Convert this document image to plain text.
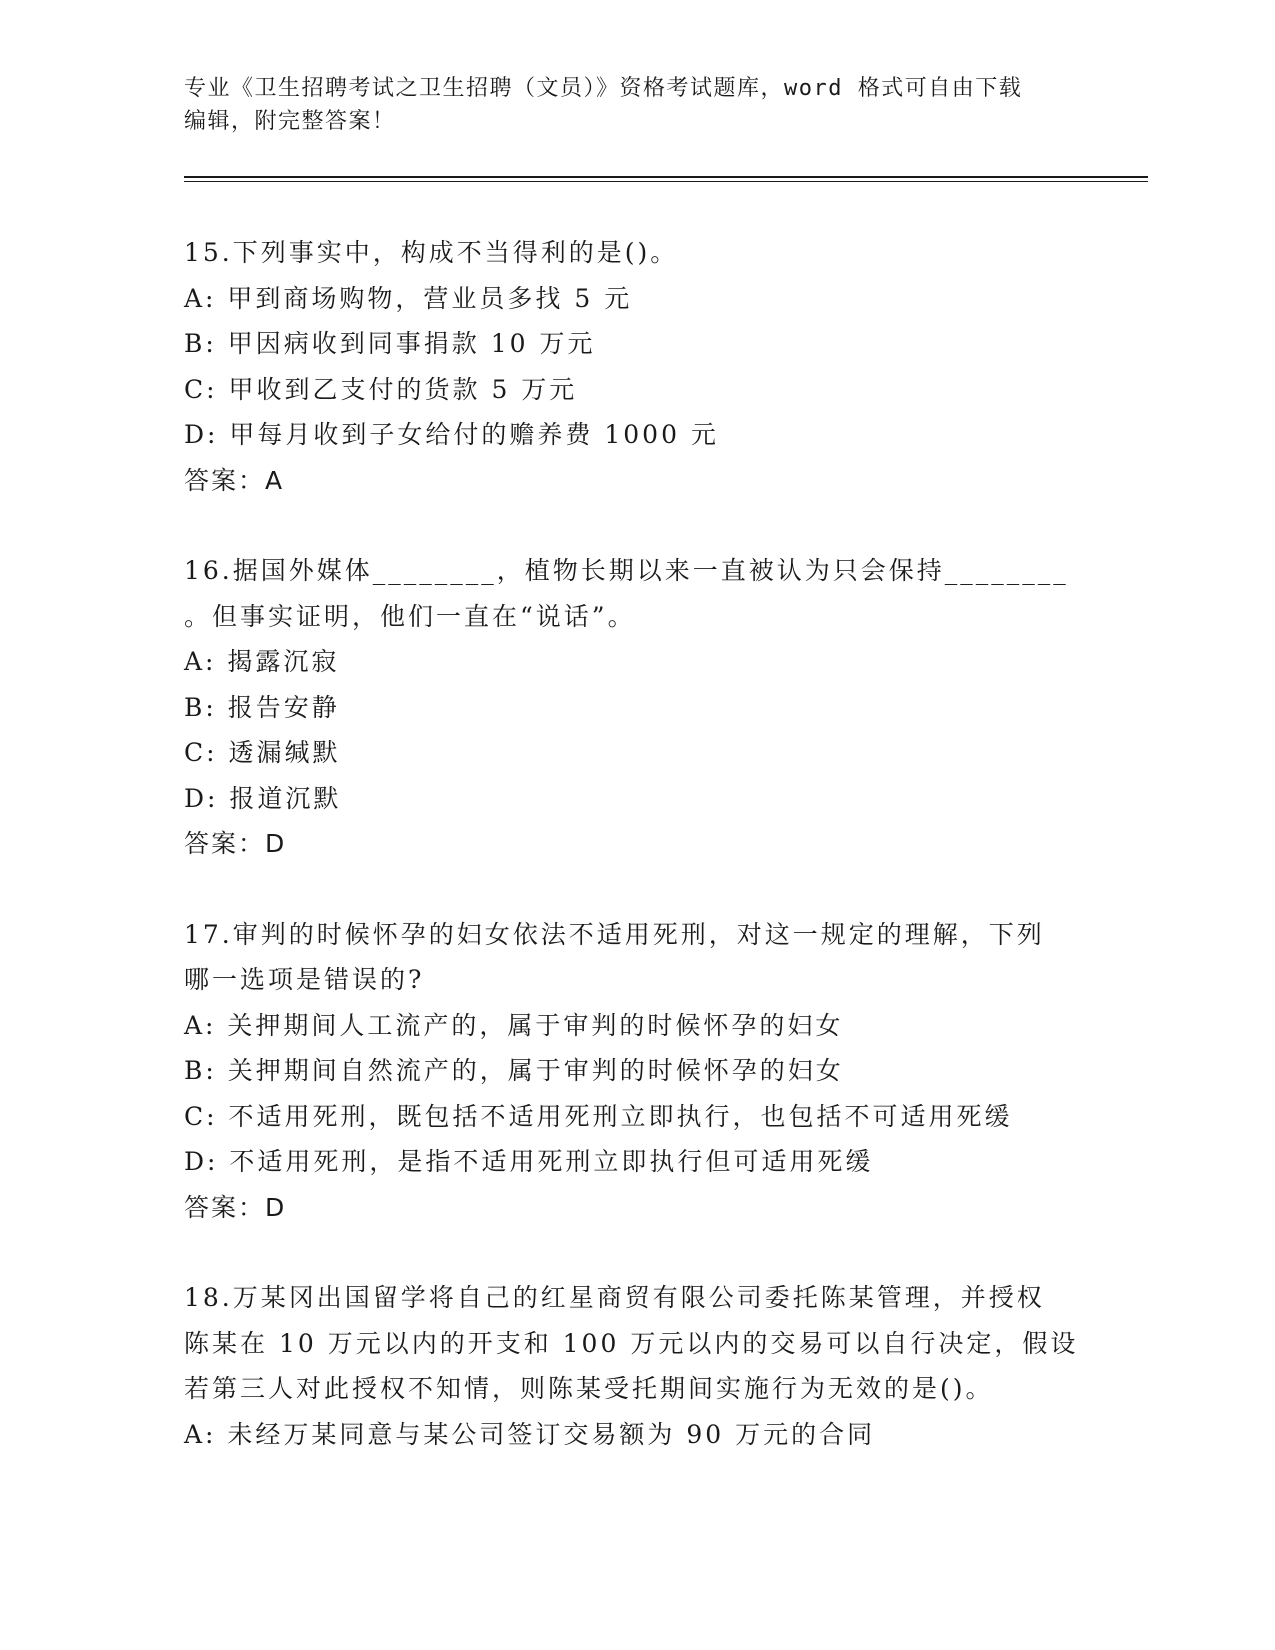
专业《卫生招聘考试之卫生招聘（文员）》资格考试题库，word 格式可自由下载
编辑，附完整答案！
15.下列事实中，构成不当得利的是()。
A: 甲到商场购物，营业员多找 5 元
B: 甲因病收到同事捐款 10 万元
C: 甲收到乙支付的货款 5 万元
D: 甲每月收到子女给付的赡养费 1000 元
答案：A
16.据国外媒体________，植物长期以来一直被认为只会保持________
。但事实证明，他们一直在“说话”。
A: 揭露沉寂
B: 报告安静
C: 透漏缄默
D: 报道沉默
答案：D
17.审判的时候怀孕的妇女依法不适用死刑，对这一规定的理解，下列
哪一选项是错误的?
A: 关押期间人工流产的，属于审判的时候怀孕的妇女
B: 关押期间自然流产的，属于审判的时候怀孕的妇女
C: 不适用死刑，既包括不适用死刑立即执行，也包括不可适用死缓
D: 不适用死刑，是指不适用死刑立即执行但可适用死缓
答案：D
18.万某冈出国留学将自己的红星商贸有限公司委托陈某管理，并授权
陈某在 10 万元以内的开支和 100 万元以内的交易可以自行决定，假设
若第三人对此授权不知情，则陈某受托期间实施行为无效的是()。
A: 未经万某同意与某公司签订交易额为 90 万元的合同
